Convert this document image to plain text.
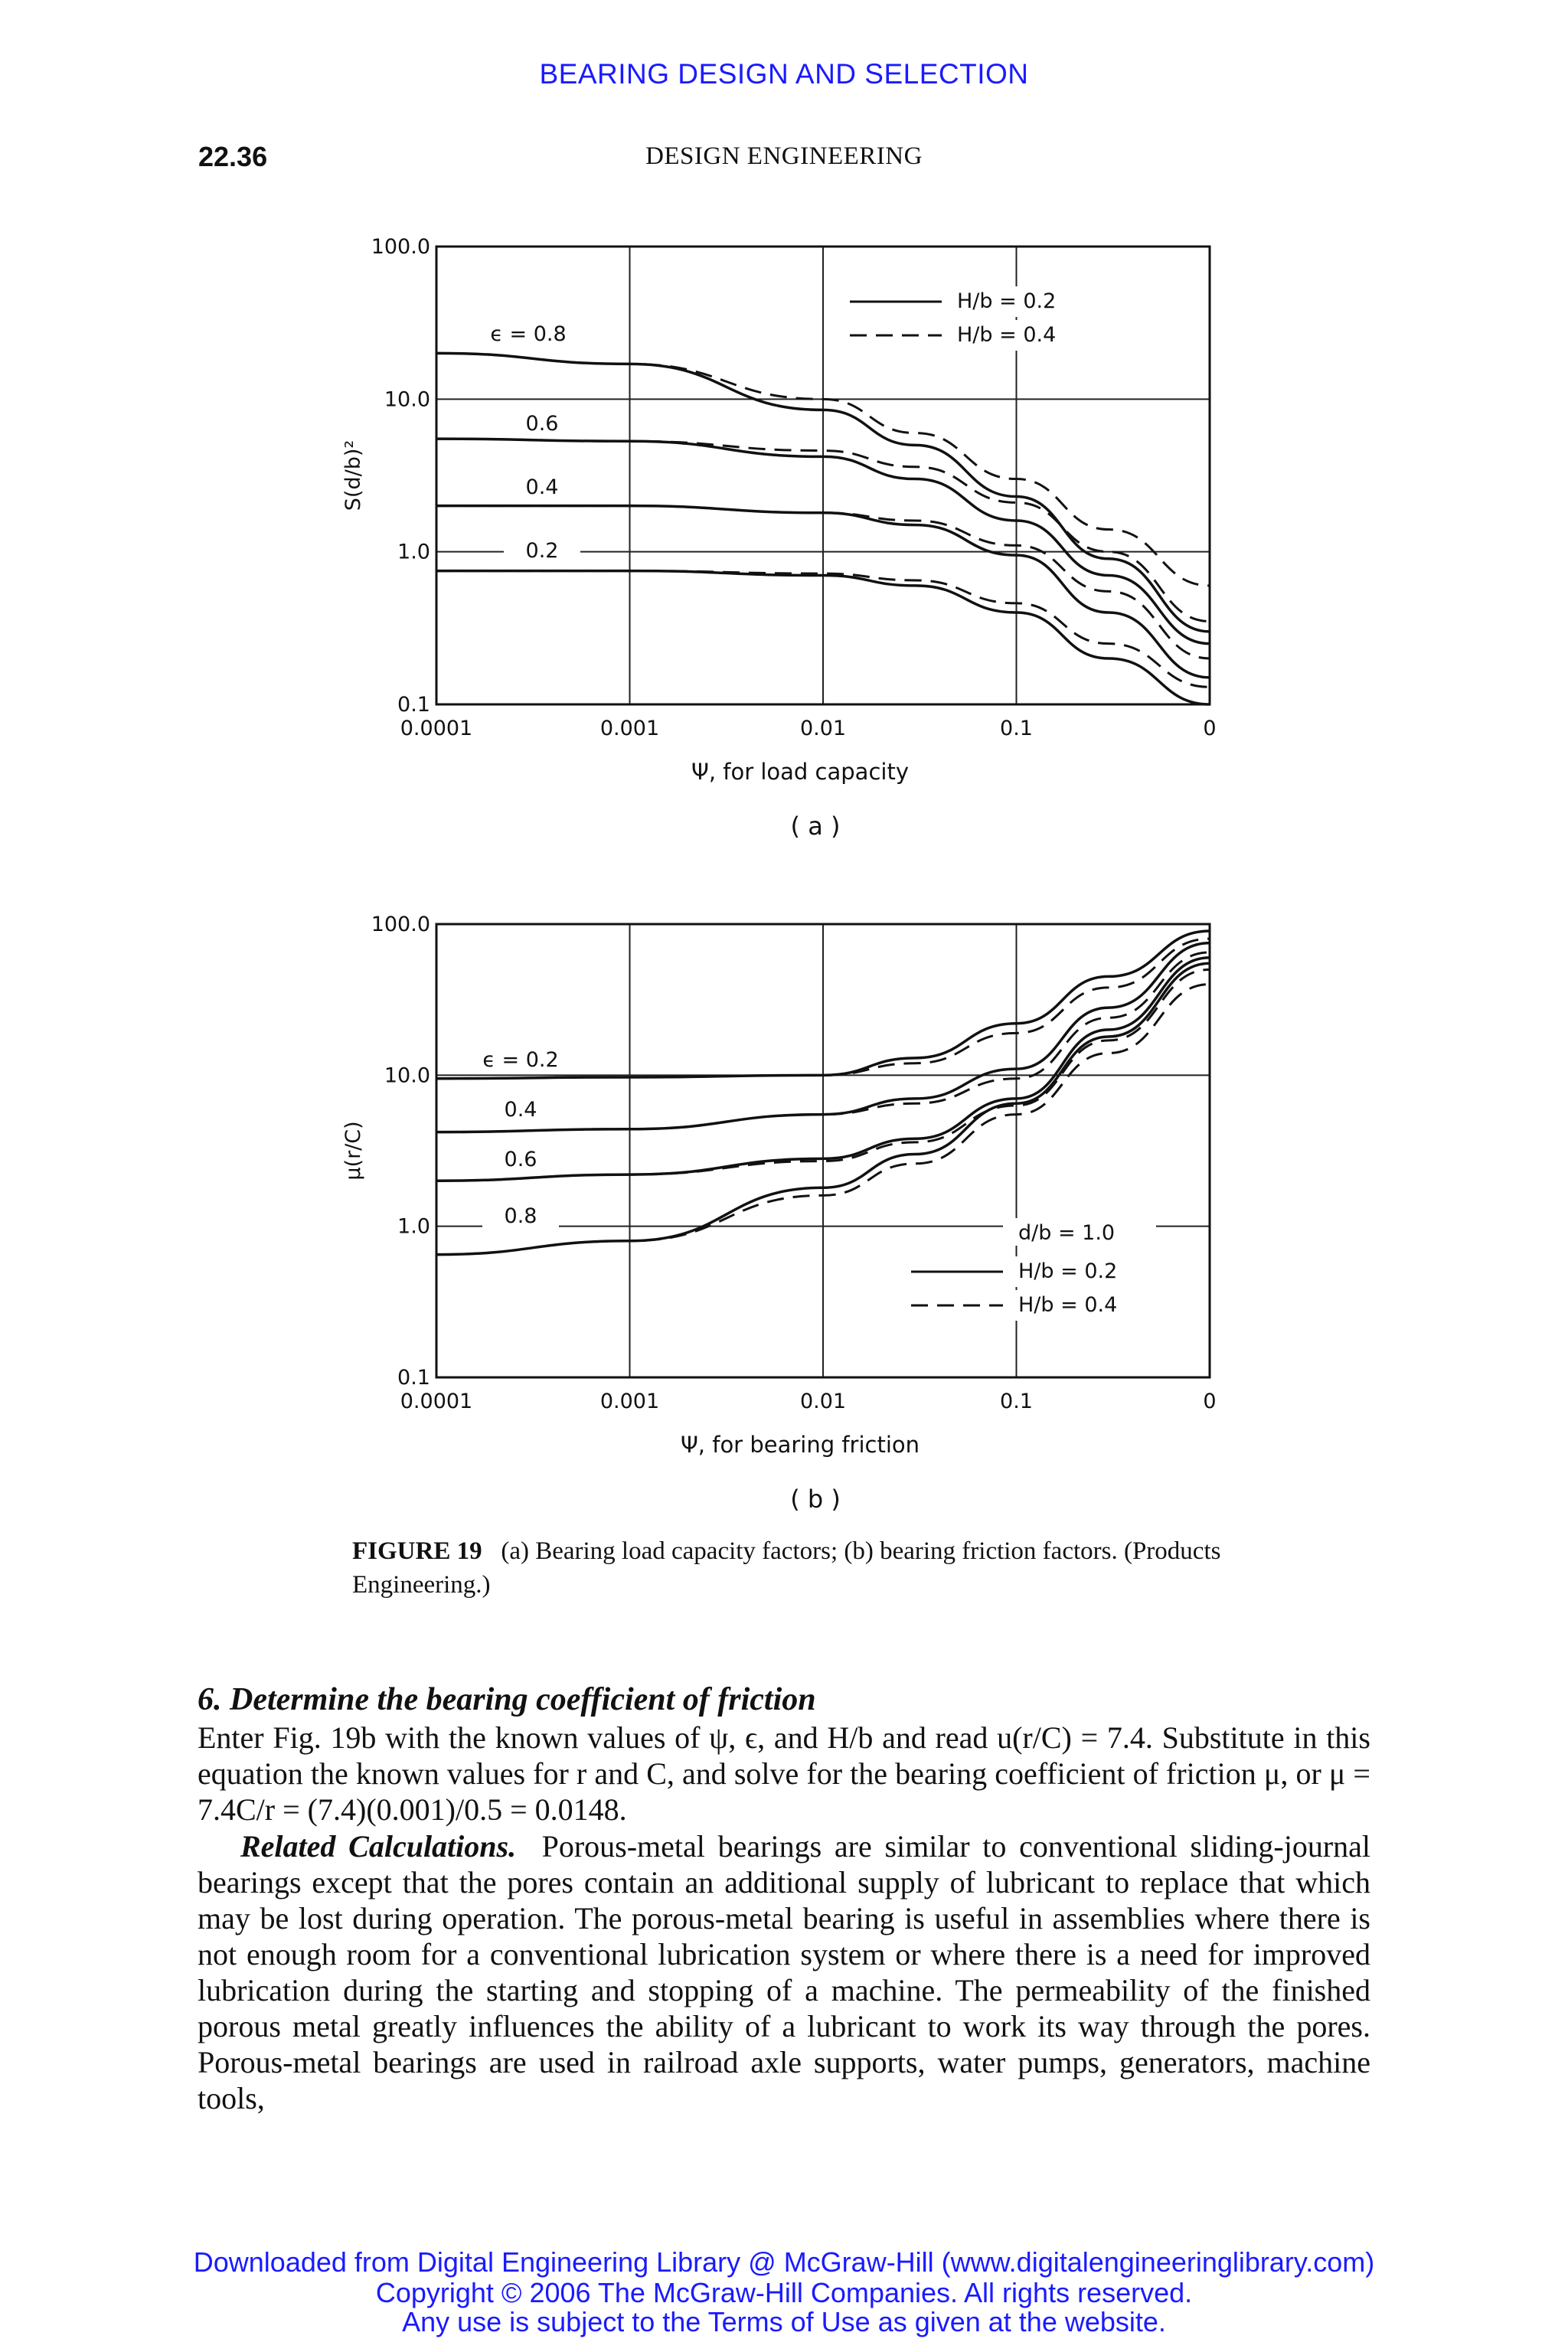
BEARING DESIGN AND SELECTION
22.36	DESIGN ENGINEERING
100.0
10.0
1.0
0.1
0.0001	0.001	0.01	0.1	0
Ψ, for load capacity
S(d/b)²
ϵ = 0.8
0.6
0.4
0.2
H/b = 0.2
H/b = 0.4
( a )
100.0
10.0
1.0
0.1
0.0001	0.001	0.01	0.1	0
Ψ, for bearing friction
μ(r/C)
ϵ = 0.2
0.4
0.6
0.8
d/b = 1.0
H/b = 0.2
H/b = 0.4
( b )
FIGURE 19 (a) Bearing load capacity factors; (b) bearing friction factors. (Products Engineering.)
6. Determine the bearing coefficient of friction
Enter Fig. 19b with the known values of ψ, ϵ, and H/b and read u(r/C) = 7.4. Substitute in this equation the known values for r and C, and solve for the bearing coefficient of friction μ, or μ = 7.4C/r = (7.4)(0.001)/0.5 = 0.0148.
Related Calculations. Porous-metal bearings are similar to conventional sliding-journal bearings except that the pores contain an additional supply of lubricant to replace that which may be lost during operation. The porous-metal bearing is useful in assemblies where there is not enough room for a conventional lubrication system or where there is a need for improved lubrication during the starting and stopping of a machine. The permeability of the finished porous metal greatly influences the ability of a lubricant to work its way through the pores. Porous-metal bearings are used in railroad axle supports, water pumps, generators, machine tools,
Downloaded from Digital Engineering Library @ McGraw-Hill (www.digitalengineeringlibrary.com)
Copyright © 2006 The McGraw-Hill Companies. All rights reserved.
Any use is subject to the Terms of Use as given at the website.
